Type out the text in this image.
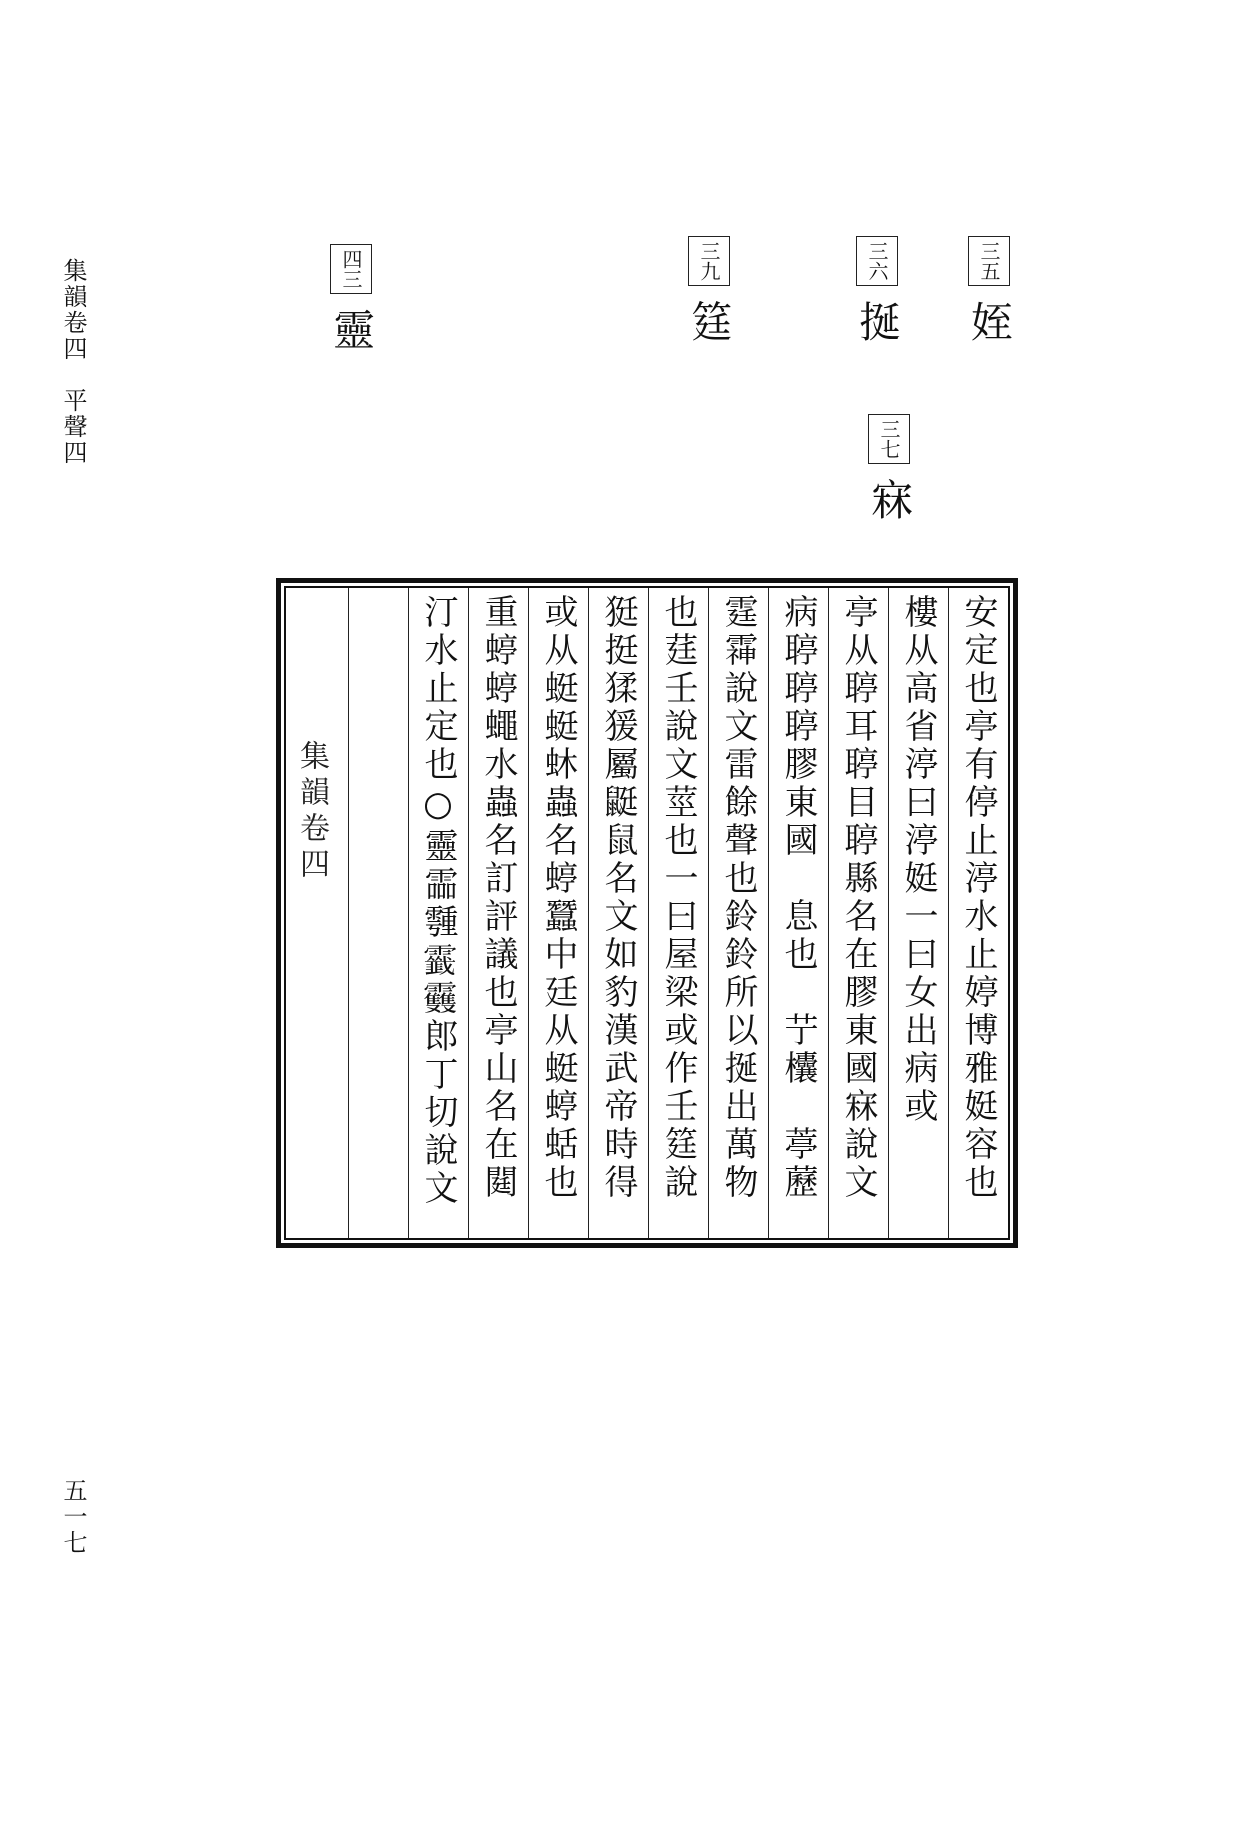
集韻卷四　平聲四
五一七
三五姪
三六挻
三七㝝
三九筳
四三靈
安定也亭有停止渟水止婷博雅娗容也
樓从高省渟曰渟娗一曰女出病或
亭从聤耳聤目聤縣名在膠東國㝝說文
病聤聤聤膠東國　息也　艼欜　葶藶
霆䨩說文雷餘聲也鈴鈴所以挻出萬物　　
也莛壬說文莖也一曰屋梁或作壬筳說
㹶挺猱猨屬鼮鼠名文如豹漢武帝時得
或从蜓蜓蚞蟲名蝏蠶中廷从蜓蝏蛞也
重蝏蝏蠅水蟲名訂評議也亭山名在閮
汀水止定也○靈霝𩅞𩆷𩇈郎丁切說文
集韻卷四
